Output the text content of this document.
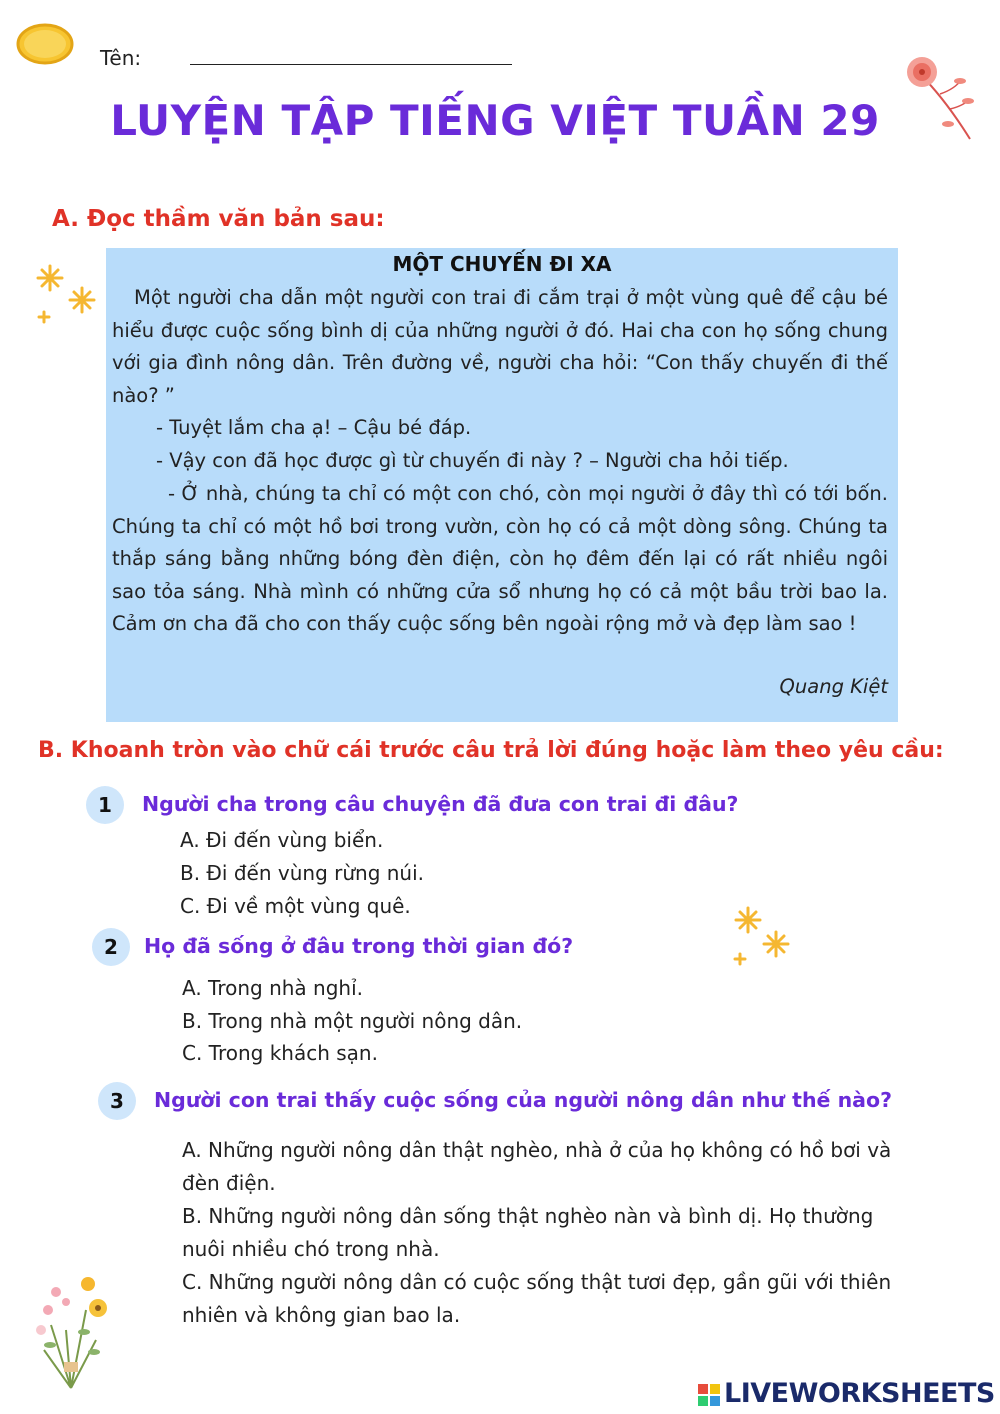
Tên:
LUYỆN TẬP TIẾNG VIỆT TUẦN 29
A. Đọc thầm văn bản sau:
MỘT CHUYẾN ĐI XA
Một người cha dẫn một người con trai đi cắm trại ở một vùng quê để cậu bé hiểu được cuộc sống bình dị của những người ở đó. Hai cha con họ sống chung với gia đình nông dân. Trên đường về, người cha hỏi: “Con thấy chuyến đi thế nào? ”
- Tuyệt lắm cha ạ! – Cậu bé đáp.
- Vậy con đã học được gì từ chuyến đi này ? – Người cha hỏi tiếp.
- Ở nhà, chúng ta chỉ có một con chó, còn mọi người ở đây thì có tới bốn. Chúng ta chỉ có một hồ bơi trong vườn, còn họ có cả một dòng sông. Chúng ta thắp sáng bằng những bóng đèn điện, còn họ đêm đến lại có rất nhiều ngôi sao tỏa sáng. Nhà mình có những cửa sổ nhưng họ có cả một bầu trời bao la. Cảm ơn cha đã cho con thấy cuộc sống bên ngoài rộng mở và đẹp làm sao !
Quang Kiệt
B. Khoanh tròn vào chữ cái trước câu trả lời đúng hoặc làm theo yêu cầu:
1	Người cha trong câu chuyện đã đưa con trai đi đâu?
A. Đi đến vùng biển.
B. Đi đến vùng rừng núi.
C. Đi về một vùng quê.
2	Họ đã sống ở đâu trong thời gian đó?
A. Trong nhà nghỉ.
B. Trong nhà một người nông dân.
C. Trong khách sạn.
3	Người con trai thấy cuộc sống của người nông dân như thế nào?
A. Những người nông dân thật nghèo, nhà ở của họ không có hồ bơi và đèn điện.
B. Những người nông dân sống thật nghèo nàn và bình dị. Họ thường nuôi nhiều chó trong nhà.
C. Những người nông dân có cuộc sống thật tươi đẹp, gần gũi với thiên nhiên và không gian bao la.
LIVEWORKSHEETS
